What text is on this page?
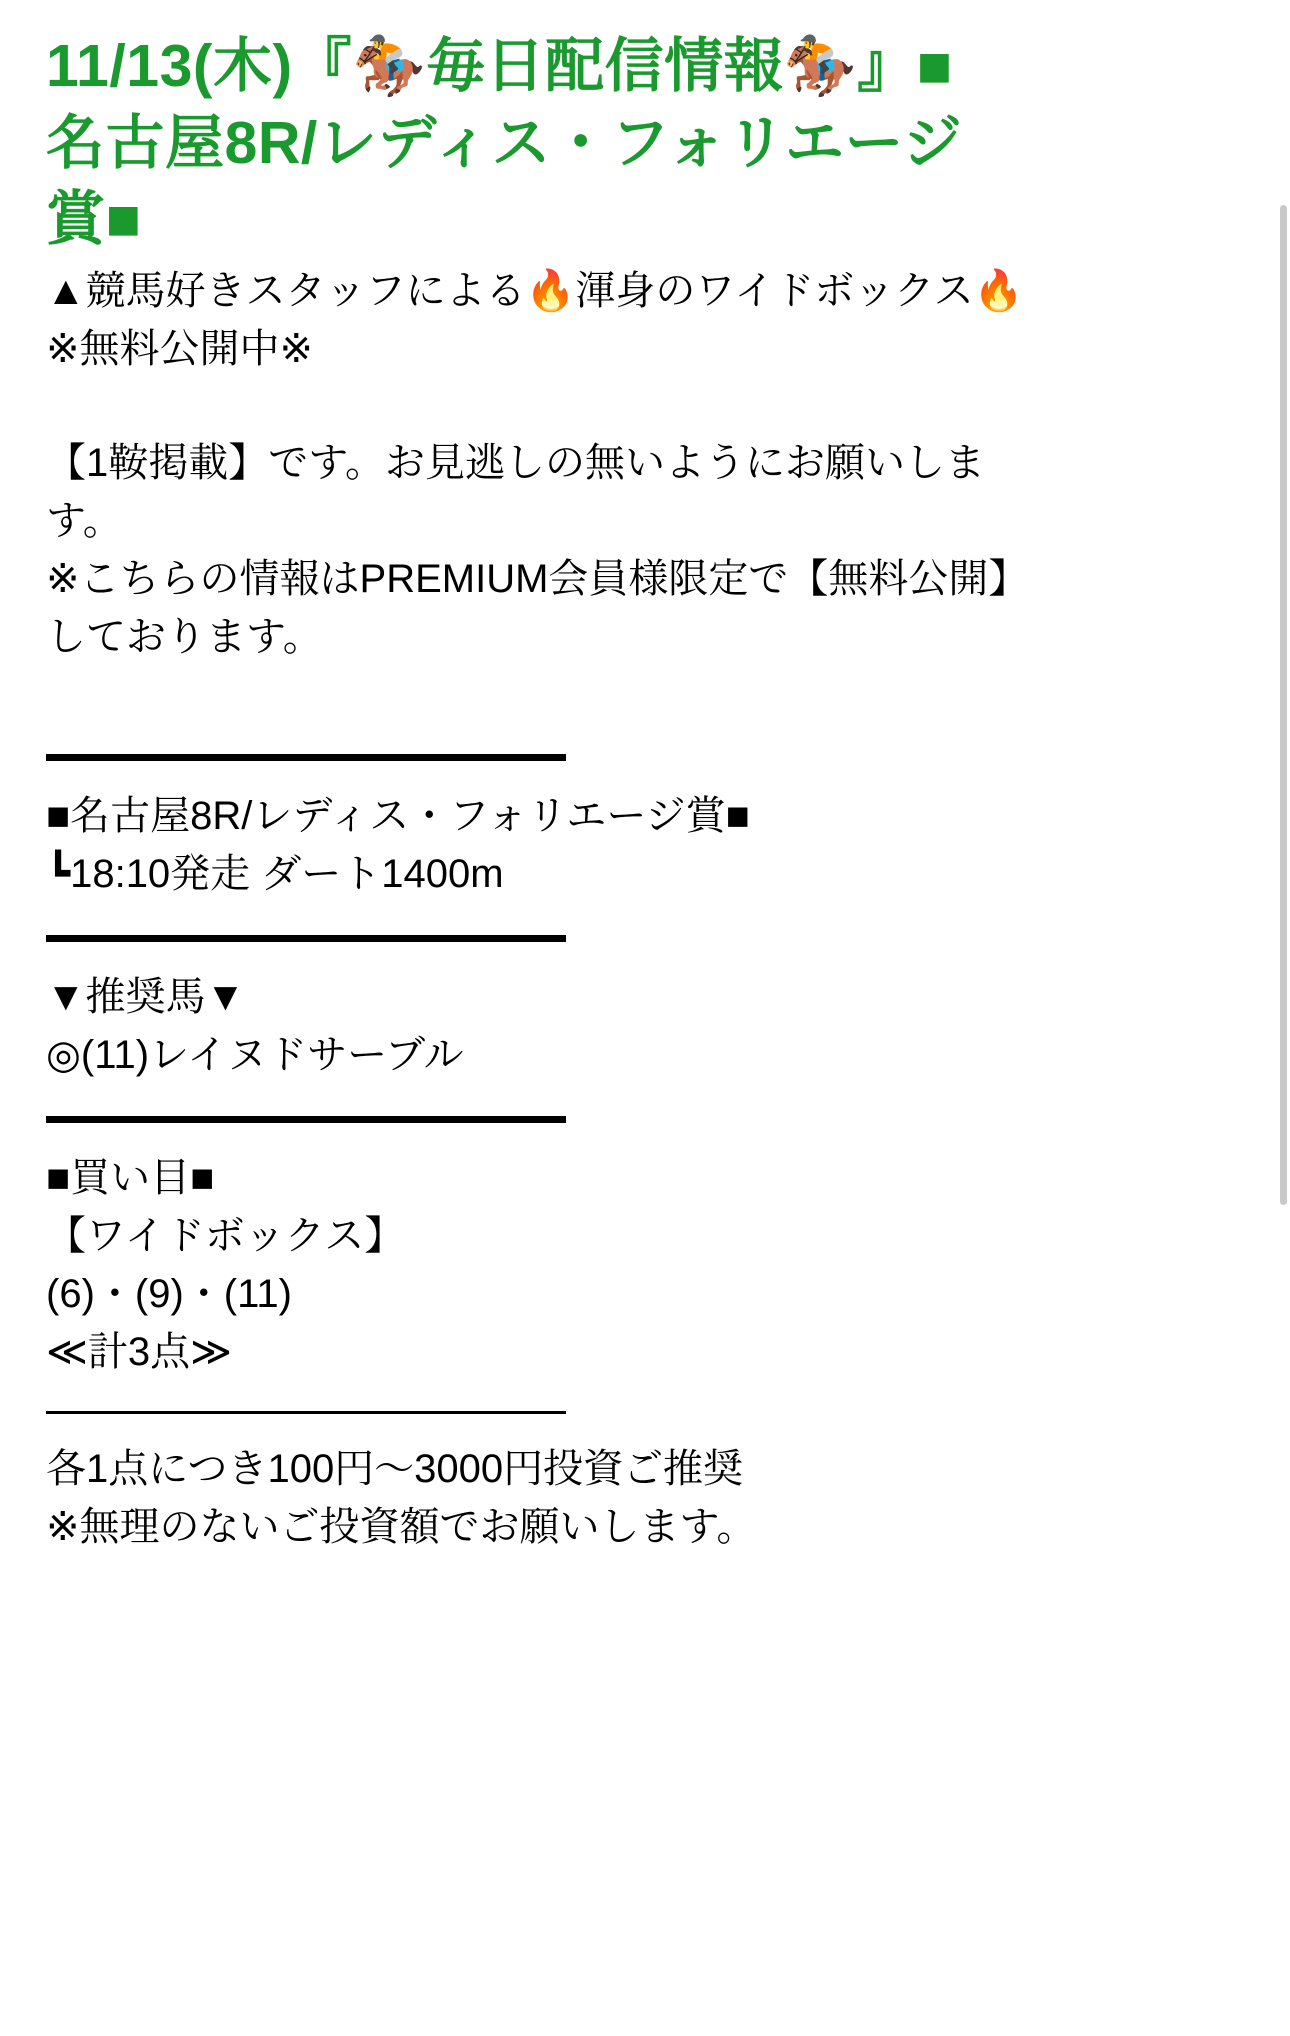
11/13(木)『🏇毎日配信情報🏇』■
名古屋8R/レディス・フォリエージ
賞■

▲競馬好きスタッフによる🔥渾身のワイドボックス🔥

※無料公開中※

【1鞍掲載】です。お見逃しの無いようにお願いしま

す。

※こちらの情報はPREMIUM会員様限定で【無料公開】

しております。

■名古屋8R/レディス・フォリエージ賞■

┗18:10発走 ダート1400m

▼推奨馬▼

◎(11)レイヌドサーブル

■買い目■

【ワイドボックス】

(6)・(9)・(11)

≪計3点≫

各1点につき100円〜3000円投資ご推奨

※無理のないご投資額でお願いします。
